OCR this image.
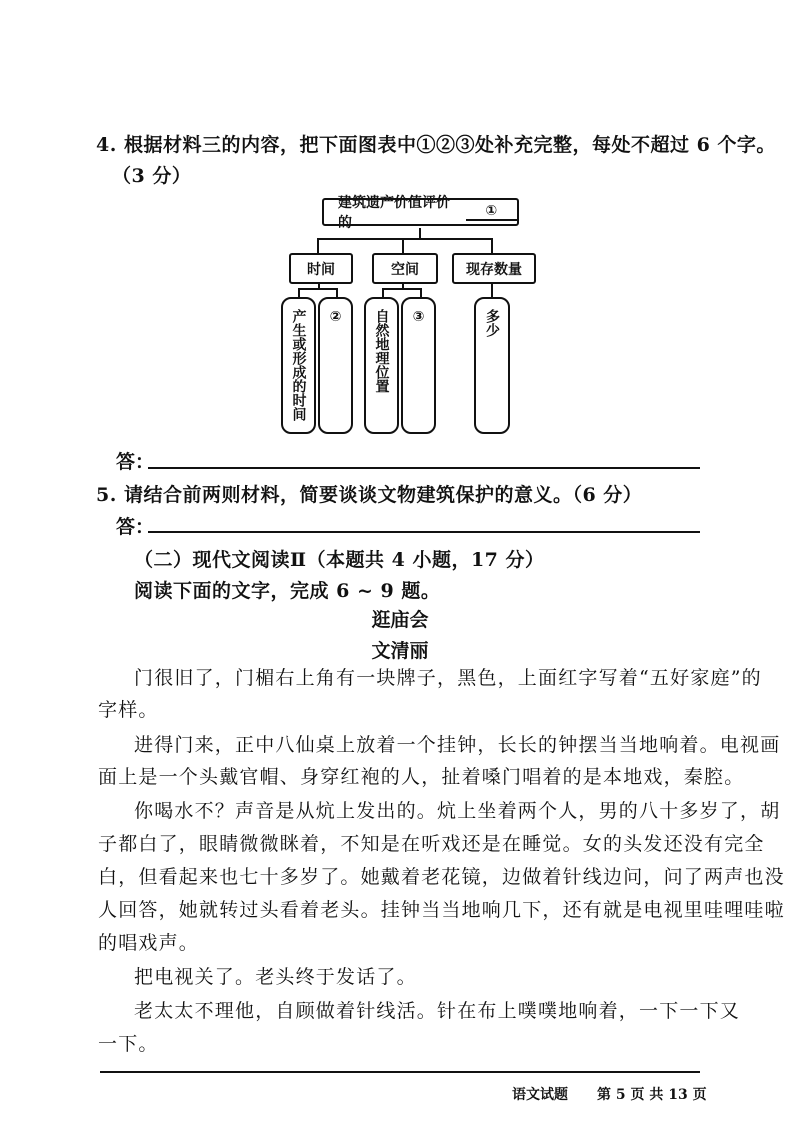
4. 根据材料三的内容，把下面图表中①②③处补充完整，每处不超过 6 个字。
（3 分）
建筑遗产价值评价的
①
时间	空间	现存数量
产生或形成的时间 ② 自然地理位置 ③	多少
答：
5. 请结合前两则材料，简要谈谈文物建筑保护的意义。（6 分）
答：
（二）现代文阅读Ⅱ（本题共 4 小题，17 分）
阅读下面的文字，完成 6 ~ 9 题。
逛庙会
文清丽
门很旧了，门楣右上角有一块牌子，黑色，上面红字写着“五好家庭”的
字样。
进得门来，正中八仙桌上放着一个挂钟，长长的钟摆当当地响着。电视画
面上是一个头戴官帽、身穿红袍的人，扯着嗓门唱着的是本地戏，秦腔。
你喝水不？声音是从炕上发出的。炕上坐着两个人，男的八十多岁了，胡
子都白了，眼睛微微眯着，不知是在听戏还是在睡觉。女的头发还没有完全
白，但看起来也七十多岁了。她戴着老花镜，边做着针线边问，问了两声也没
人回答，她就转过头看着老头。挂钟当当地响几下，还有就是电视里哇哩哇啦
的唱戏声。
把电视关了。老头终于发话了。
老太太不理他，自顾做着针线活。针在布上噗噗地响着，一下一下又
一下。
语文试题 第 5 页 共 13 页
